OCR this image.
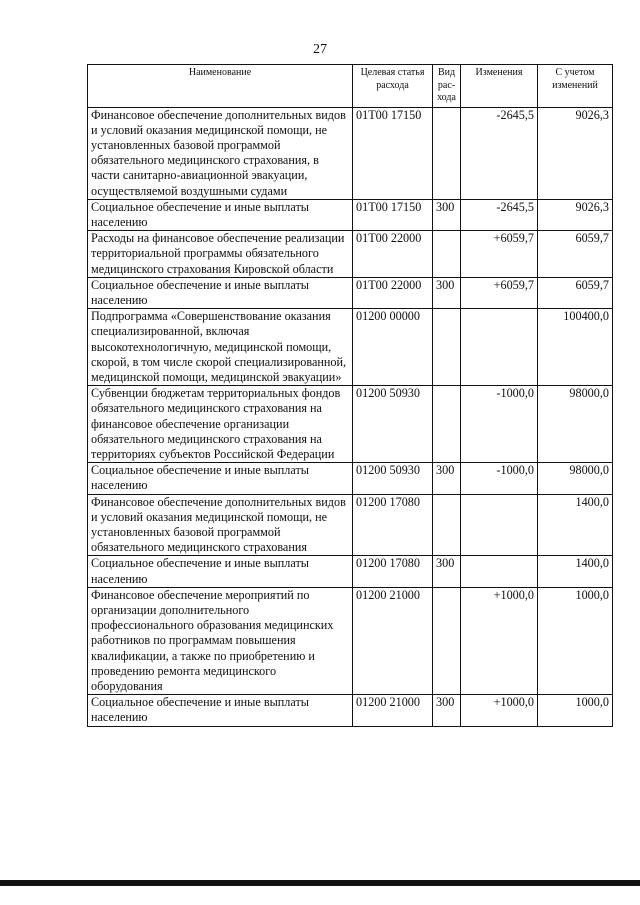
27
Наименование	Целевая статья расхода	Вид рас-хода	Изменения	С учетом изменений
Финансовое обеспечение дополнительных видов и условий оказания медицинской помощи, не установленных базовой программой обязательного медицинского страхования, в части санитарно-авиационной эвакуации, осуществляемой воздушными судами	01Т00 17150		-2645,5	9026,3
Социальное обеспечение и иные выплаты населению	01Т00 17150	300	-2645,5	9026,3
Расходы на финансовое обеспечение реализации территориальной программы обязательного медицинского страхования Кировской области	01Т00 22000		+6059,7	6059,7
Социальное обеспечение и иные выплаты населению	01Т00 22000	300	+6059,7	6059,7
Подпрограмма «Совершенствование оказания специализированной, включая высокотехнологичную, медицинской помощи, скорой, в том числе скорой специализированной, медицинской помощи, медицинской эвакуации»	01200 00000			100400,0
Субвенции бюджетам территориальных фондов обязательного медицинского страхования на финансовое обеспечение организации обязательного медицинского страхования на территориях субъектов Российской Федерации	01200 50930		-1000,0	98000,0
Социальное обеспечение и иные выплаты населению	01200 50930	300	-1000,0	98000,0
Финансовое обеспечение дополнительных видов и условий оказания медицинской помощи, не установленных базовой программой обязательного медицинского страхования	01200 17080			1400,0
Социальное обеспечение и иные выплаты населению	01200 17080	300		1400,0
Финансовое обеспечение мероприятий по организации дополнительного профессионального образования медицинских работников по программам повышения квалификации, а также по приобретению и проведению ремонта медицинского оборудования	01200 21000		+1000,0	1000,0
Социальное обеспечение и иные выплаты населению	01200 21000	300	+1000,0	1000,0
